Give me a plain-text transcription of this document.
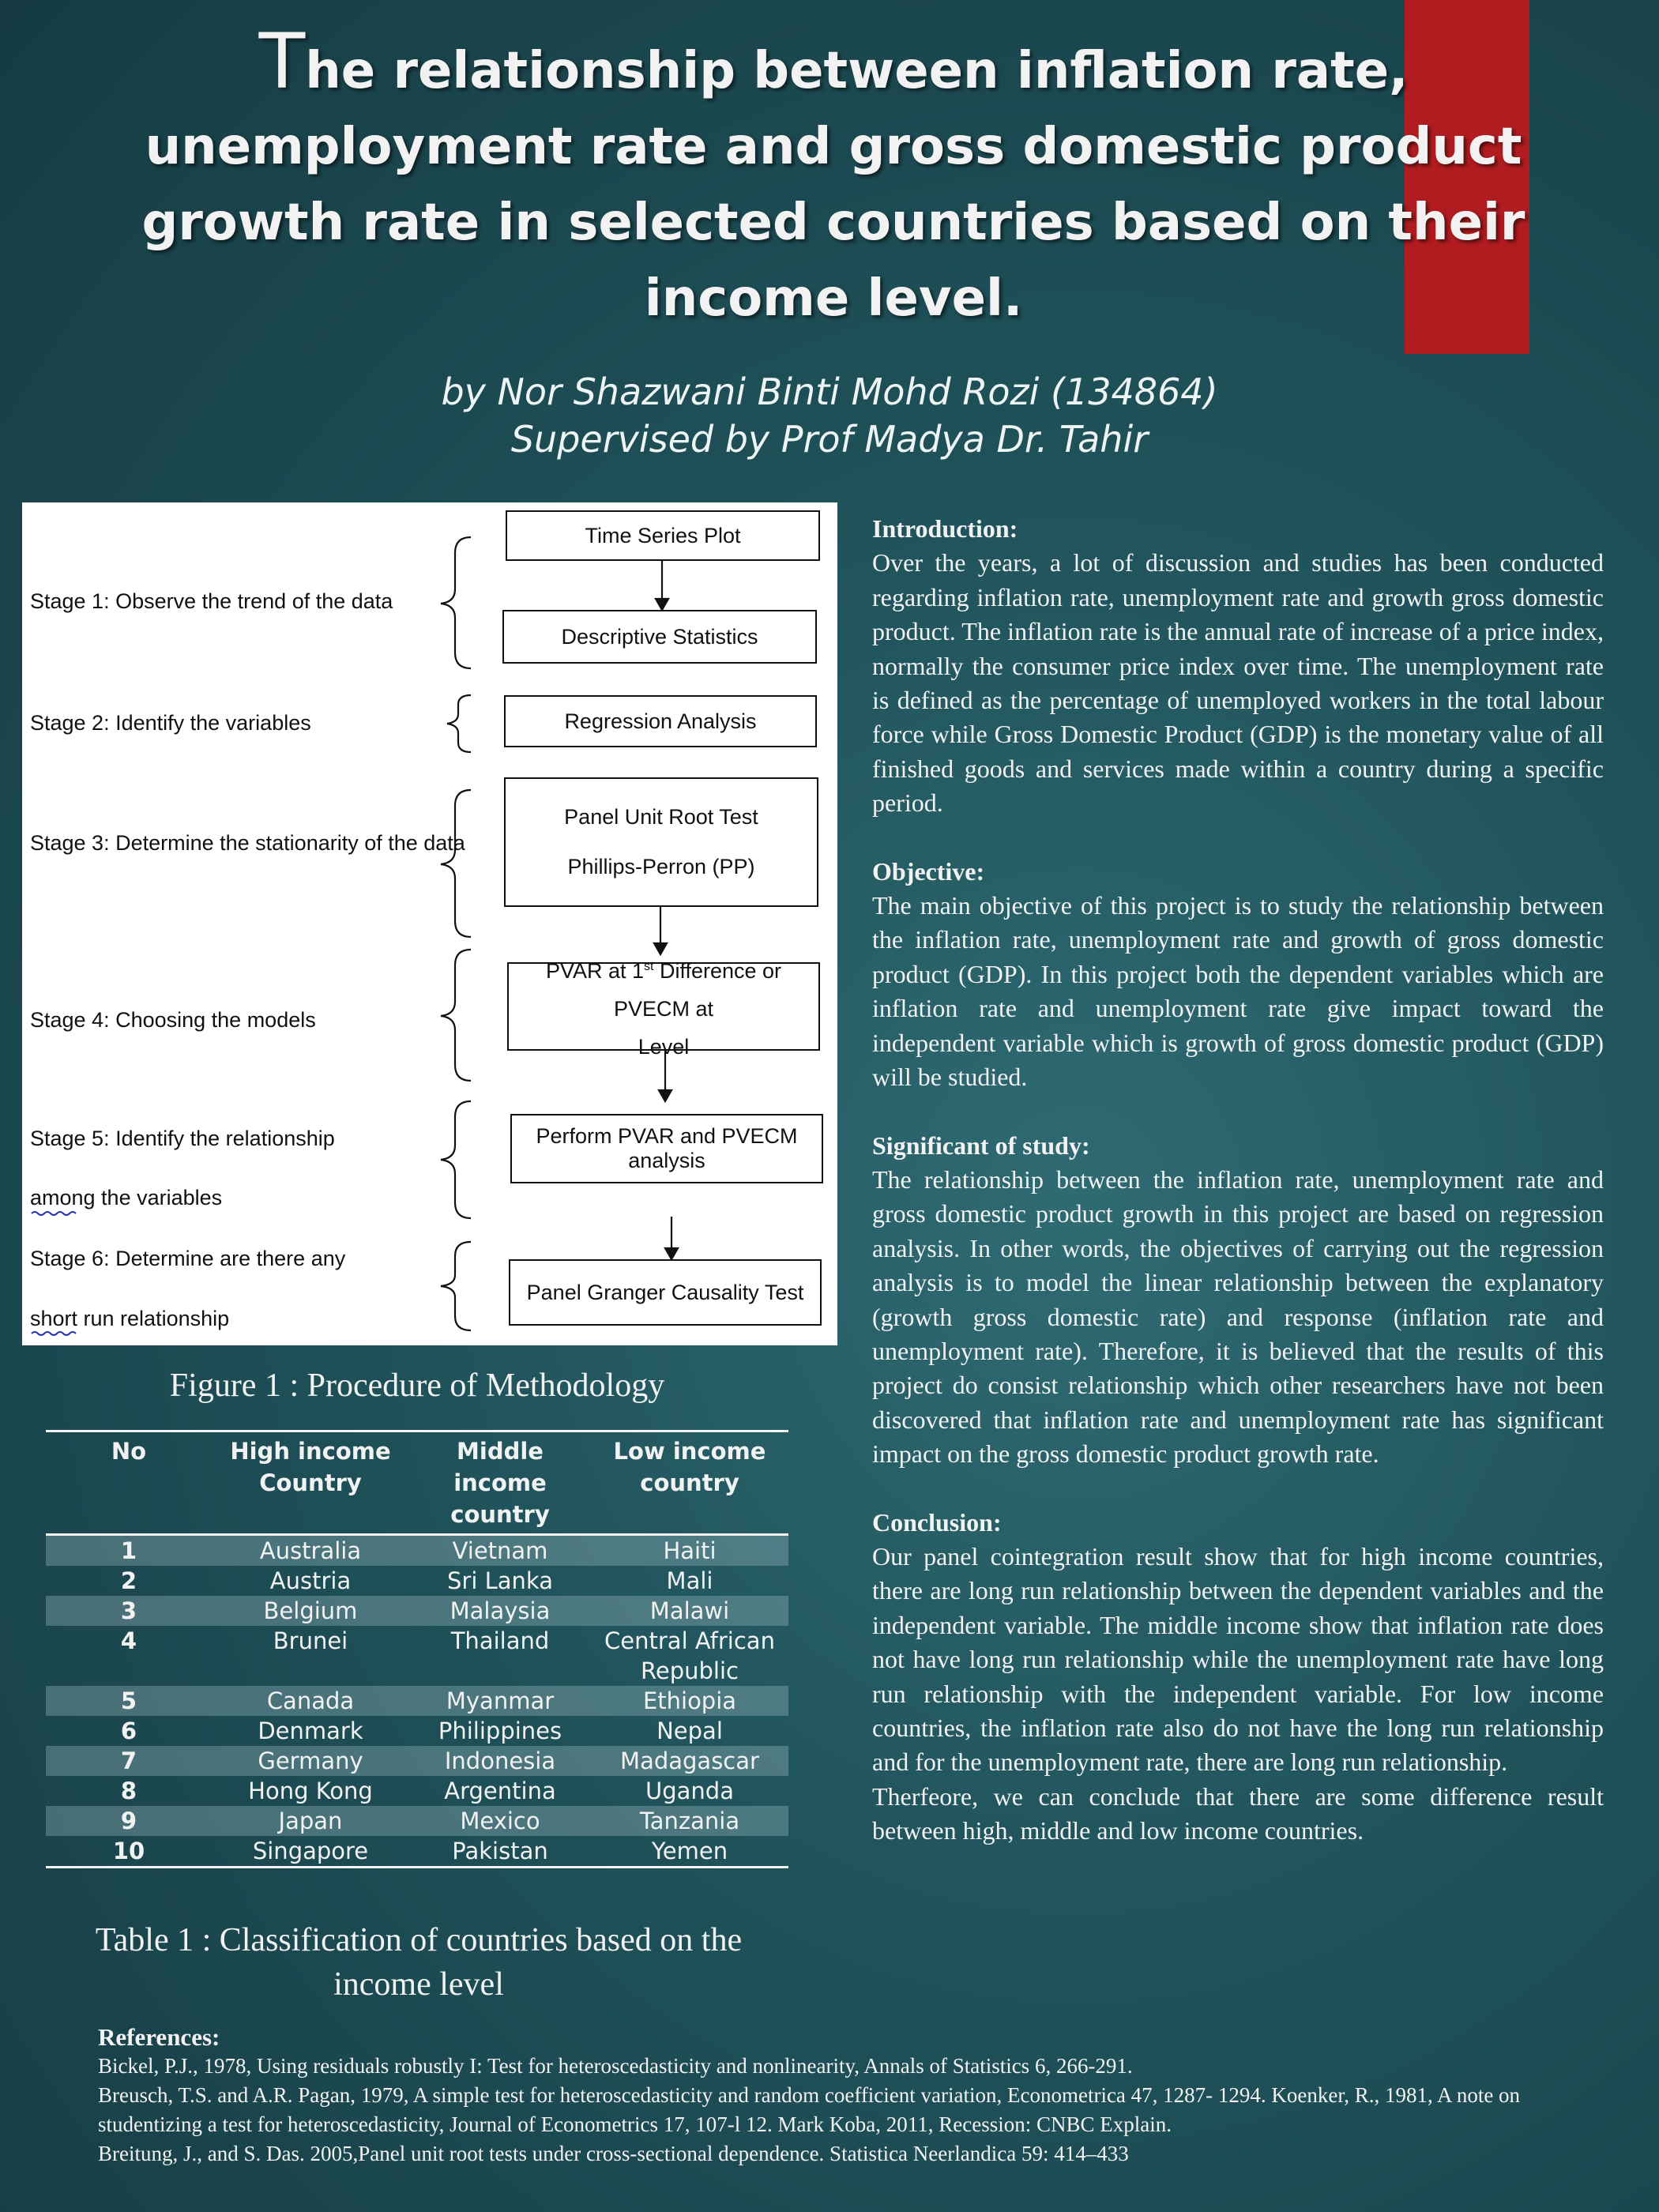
The relationship between inflation rate, unemployment rate and gross domestic product growth rate in selected countries based on their income level.
by Nor Shazwani Binti Mohd Rozi (134864)
Supervised by Prof Madya Dr. Tahir
Stage 1: Observe the trend of the data
Stage 2: Identify the variables
Stage 3: Determine the stationarity of the data
Stage 4: Choosing the models
Stage 5: Identify the relationship
among the variables
Stage 6: Determine are there any
short run relationship
Time Series Plot
Descriptive Statistics
Regression Analysis
Panel Unit Root Test
Phillips-Perron (PP)
PVAR at 1st Difference or PVECM at
Level
Perform PVAR and PVECM analysis
Panel Granger Causality Test
Figure 1 : Procedure of Methodology
No	High income Country	Middle income country	Low income country
1	Australia	Vietnam	Haiti
2	Austria	Sri Lanka	Mali
3	Belgium	Malaysia	Malawi
4	Brunei	Thailand	Central African Republic
5	Canada	Myanmar	Ethiopia
6	Denmark	Philippines	Nepal
7	Germany	Indonesia	Madagascar
8	Hong Kong	Argentina	Uganda
9	Japan	Mexico	Tanzania
10	Singapore	Pakistan	Yemen
Table 1 : Classification of countries based on the income level
Introduction:

Over the years, a lot of discussion and studies has been conducted regarding inflation rate, unemployment rate and growth gross domestic product. The inflation rate is the annual rate of increase of a price index, normally the consumer price index over time. The unemployment rate is defined as the percentage of unemployed workers in the total labour force while Gross Domestic Product (GDP) is the monetary value of all finished goods and services made within a country during a specific period.

Objective:

The main objective of this project is to study the relationship between the inflation rate, unemployment rate and growth of gross domestic product (GDP). In this project both the dependent variables which are inflation rate and unemployment rate give impact toward the independent variable which is growth of gross domestic product (GDP) will be studied.

Significant of study:

The relationship between the inflation rate, unemployment rate and gross domestic product growth in this project are based on regression analysis. In other words, the objectives of carrying out the regression analysis is to model the linear relationship between the explanatory (growth gross domestic rate) and response (inflation rate and unemployment rate). Therefore, it is believed that the results of this project do consist relationship which other researchers have not been discovered that inflation rate and unemployment rate has significant impact on the gross domestic product growth rate.

Conclusion:

Our panel cointegration result show that for high income countries, there are long run relationship between the dependent variables and the independent variable. The middle income show that inflation rate does not have long run relationship while the unemployment rate have long run relationship with the independent variable. For low income countries, the inflation rate also do not have the long run relationship and for the unemployment rate, there are long run relationship.

Therfeore, we can conclude that there are some difference result between high, middle and low income countries.

References:

Bickel, P.J., 1978, Using residuals robustly I: Test for heteroscedasticity and nonlinearity, Annals of Statistics 6, 266-291.

Breusch, T.S. and A.R. Pagan, 1979, A simple test for heteroscedasticity and random coefficient variation, Econometrica 47, 1287- 1294. Koenker, R., 1981, A note on studentizing a test for heteroscedasticity, Journal of Econometrics 17, 107-l 12. Mark Koba, 2011, Recession: CNBC Explain.

Breitung, J., and S. Das. 2005,Panel unit root tests under cross-sectional dependence. Statistica Neerlandica 59: 414–433
